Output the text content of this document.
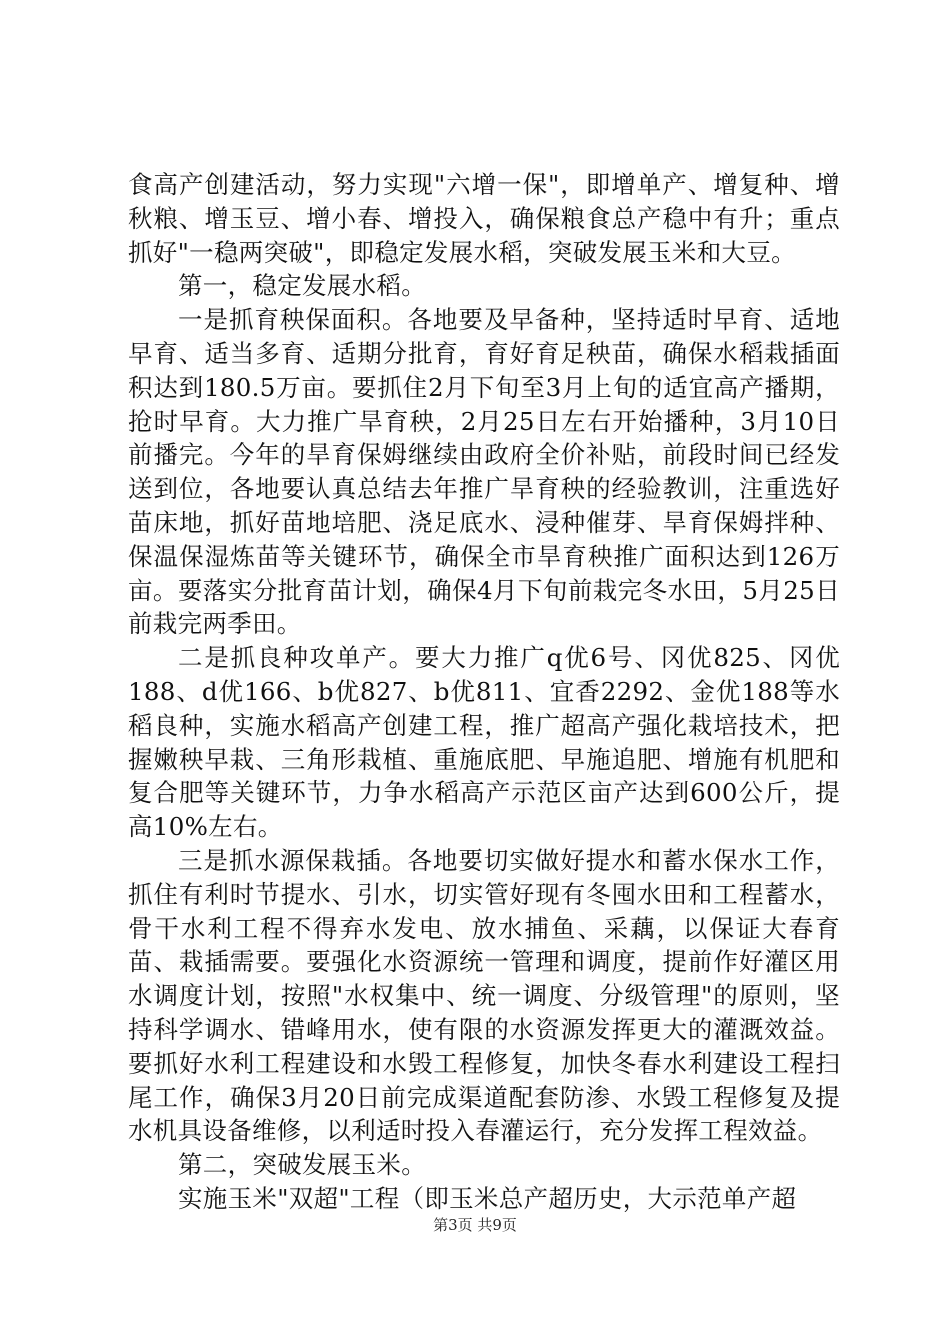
食高产创建活动，努力实现"六增一保"，即增单产、增复种、增秋粮、增玉豆、增小春、增投入，确保粮食总产稳中有升；重点抓好"一稳两突破"，即稳定发展水稻，突破发展玉米和大豆。

第一，稳定发展水稻。

一是抓育秧保面积。各地要及早备种，坚持适时早育、适地早育、适当多育、适期分批育，育好育足秧苗，确保水稻栽插面积达到180.5万亩。要抓住2月下旬至3月上旬的适宜高产播期，抢时早育。大力推广旱育秧，2月25日左右开始播种，3月10日前播完。今年的旱育保姆继续由政府全价补贴，前段时间已经发送到位，各地要认真总结去年推广旱育秧的经验教训，注重选好苗床地，抓好苗地培肥、浇足底水、浸种催芽、旱育保姆拌种、保温保湿炼苗等关键环节，确保全市旱育秧推广面积达到126万亩。要落实分批育苗计划，确保4月下旬前栽完冬水田，5月25日前栽完两季田。

二是抓良种攻单产。要大力推广q优6号、冈优825、冈优188、d优166、b优827、b优811、宜香2292、金优188等水稻良种，实施水稻高产创建工程，推广超高产强化栽培技术，把握嫩秧早栽、三角形栽植、重施底肥、早施追肥、增施有机肥和复合肥等关键环节，力争水稻高产示范区亩产达到600公斤，提高10%左右。

三是抓水源保栽插。各地要切实做好提水和蓄水保水工作，抓住有利时节提水、引水，切实管好现有冬囤水田和工程蓄水，骨干水利工程不得弃水发电、放水捕鱼、采藕，以保证大春育苗、栽插需要。要强化水资源统一管理和调度，提前作好灌区用水调度计划，按照"水权集中、统一调度、分级管理"的原则，坚持科学调水、错峰用水，使有限的水资源发挥更大的灌溉效益。要抓好水利工程建设和水毁工程修复，加快冬春水利建设工程扫尾工作，确保3月20日前完成渠道配套防渗、水毁工程修复及提水机具设备维修，以利适时投入春灌运行，充分发挥工程效益。

第二，突破发展玉米。

实施玉米"双超"工程（即玉米总产超历史，大示范单产超

第3页 共9页
